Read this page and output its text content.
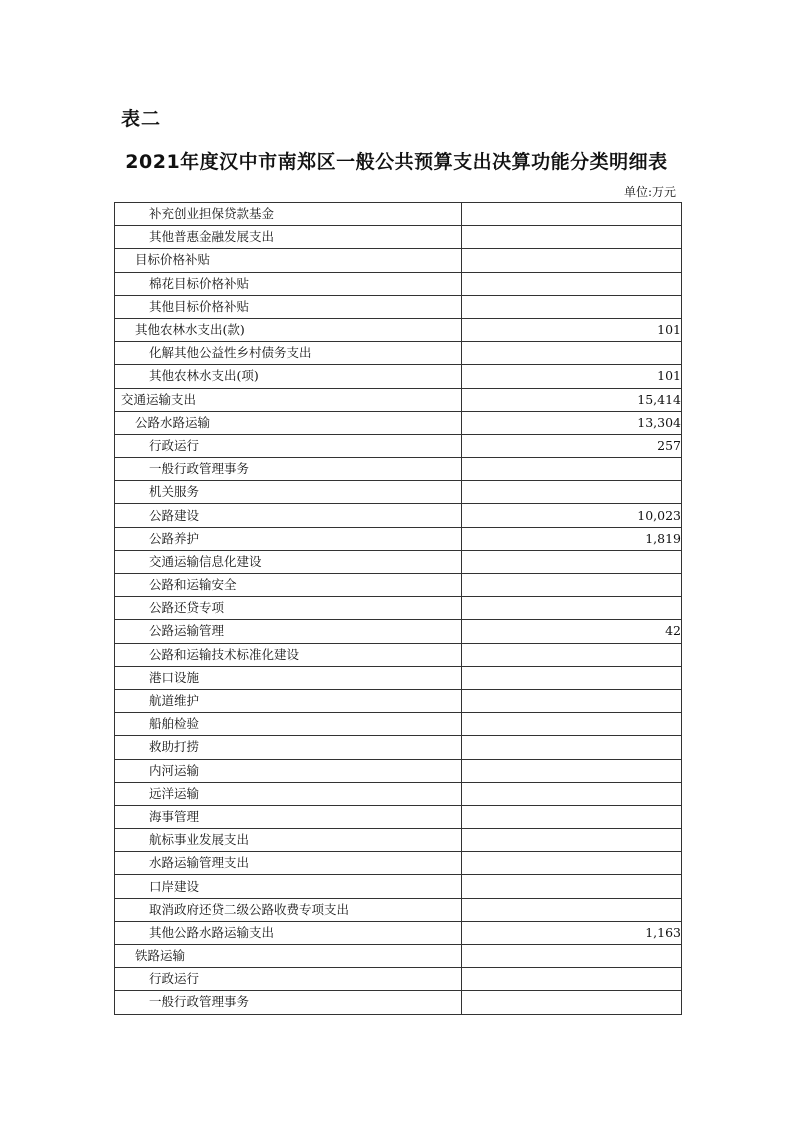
表二
2021年度汉中市南郑区一般公共预算支出决算功能分类明细表
单位:万元
补充创业担保贷款基金	
其他普惠金融发展支出	
目标价格补贴	
棉花目标价格补贴	
其他目标价格补贴	
其他农林水支出(款)	101
化解其他公益性乡村债务支出	
其他农林水支出(项)	101
交通运输支出	15,414
公路水路运输	13,304
行政运行	257
一般行政管理事务	
机关服务	
公路建设	10,023
公路养护	1,819
交通运输信息化建设	
公路和运输安全	
公路还贷专项	
公路运输管理	42
公路和运输技术标准化建设	
港口设施	
航道维护	
船舶检验	
救助打捞	
内河运输	
远洋运输	
海事管理	
航标事业发展支出	
水路运输管理支出	
口岸建设	
取消政府还贷二级公路收费专项支出	
其他公路水路运输支出	1,163
铁路运输	
行政运行	
一般行政管理事务	
